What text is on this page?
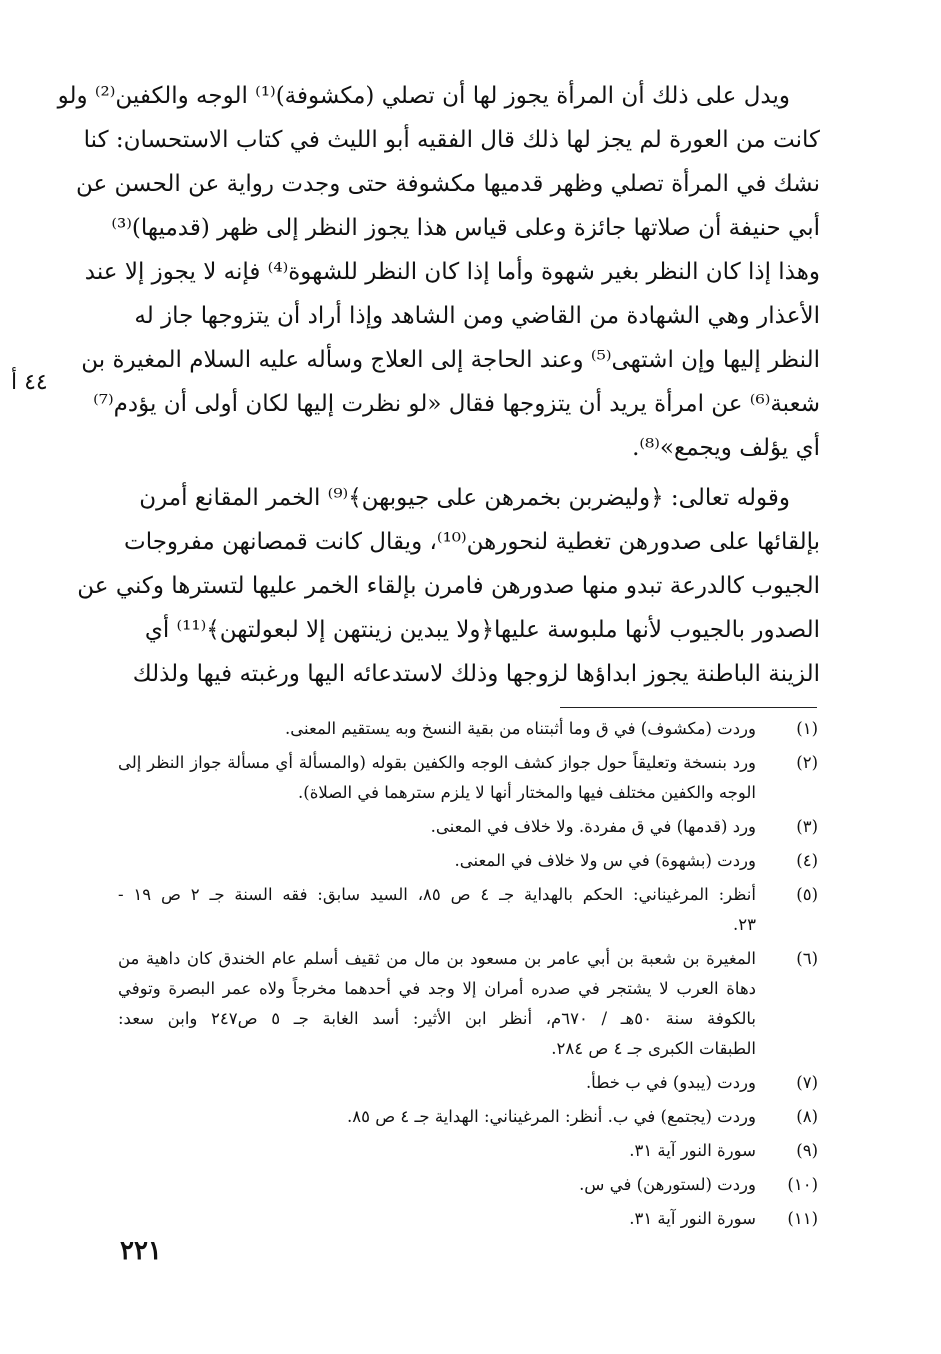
ويدل على ذلك أن المرأة يجوز لها أن تصلي (مكشوفة)⁽¹⁾ الوجه والكفين⁽²⁾ ولو
كانت من العورة لم يجز لها ذلك قال الفقيه أبو الليث في كتاب الاستحسان: كنا
نشك في المرأة تصلي وظهر قدميها مكشوفة حتى وجدت رواية عن الحسن عن
أبي حنيفة أن صلاتها جائزة وعلى قياس هذا يجوز النظر إلى ظهر (قدميها)⁽³⁾
وهذا إذا كان النظر بغير شهوة وأما إذا كان النظر للشهوة⁽⁴⁾ فإنه لا يجوز إلا عند
الأعذار وهي الشهادة من القاضي ومن الشاهد وإذا أراد أن يتزوجها جاز له
النظر إليها وإن اشتهى⁽⁵⁾ وعند الحاجة إلى العلاج وسأله عليه السلام المغيرة بن
شعبة⁽⁶⁾ عن امرأة يريد أن يتزوجها فقال «لو نظرت إليها لكان أولى أن يؤدم⁽⁷⁾
أي يؤلف ويجمع»⁽⁸⁾.
وقوله تعالى: ﴿وليضربن بخمرهن على جيوبهن﴾⁽⁹⁾ الخمر المقانع أمرن
بإلقائها على صدورهن تغطية لنحورهن⁽¹⁰⁾، ويقال كانت قمصانهن مفروجات
الجيوب كالدرعة تبدو منها صدورهن فامرن بإلقاء الخمر عليها لتسترها وكني عن
الصدور بالجيوب لأنها ملبوسة عليها﴿ولا يبدين زينتهن إلا لبعولتهن﴾⁽¹¹⁾ أي
الزينة الباطنة يجوز ابداؤها لزوجها وذلك لاستدعائه اليها ورغبته فيها ولذلك
٤٤ أ
(١)
وردت (مكشوف) في ق وما أثبتناه من بقية النسخ وبه يستقيم المعنى.
(٢)
ورد بنسخة وتعليقاً حول جواز كشف الوجه والكفين بقوله (والمسألة أي مسألة جواز النظر إلى
الوجه والكفين مختلف فيها والمختار أنها لا يلزم سترهما في الصلاة).
(٣)
ورد (قدمها) في ق مفردة. ولا خلاف في المعنى.
(٤)
وردت (بشهوة) في س ولا خلاف في المعنى.
(٥)
أنظر: المرغيناني: الحكم بالهداية جـ ٤ ص ٨٥، السيد سابق: فقه السنة جـ ٢ ص ١٩ -
٢٣.
(٦)
المغيرة بن شعبة بن أبي عامر بن مسعود بن مال من ثقيف أسلم عام الخندق كان داهية من
دهاة العرب لا يشتجر في صدره أمران إلا وجد في أحدهما مخرجاً ولاه عمر البصرة وتوفي
بالكوفة سنة ٥٠هـ / ٦٧٠م، أنظر ابن الأثير: أسد الغابة جـ ٥ ص٢٤٧ وابن سعد:
الطبقات الكبرى جـ ٤ ص ٢٨٤.
(٧)
وردت (يبدو) في ب خطأ.
(٨)
وردت (يجتمع) في ب. أنظر: المرغيناني: الهداية جـ ٤ ص ٨٥.
(٩)
سورة النور آية ٣١.
(١٠)
وردت (لستورهن) في س.
(١١)
سورة النور آية ٣١.
٢٢١
